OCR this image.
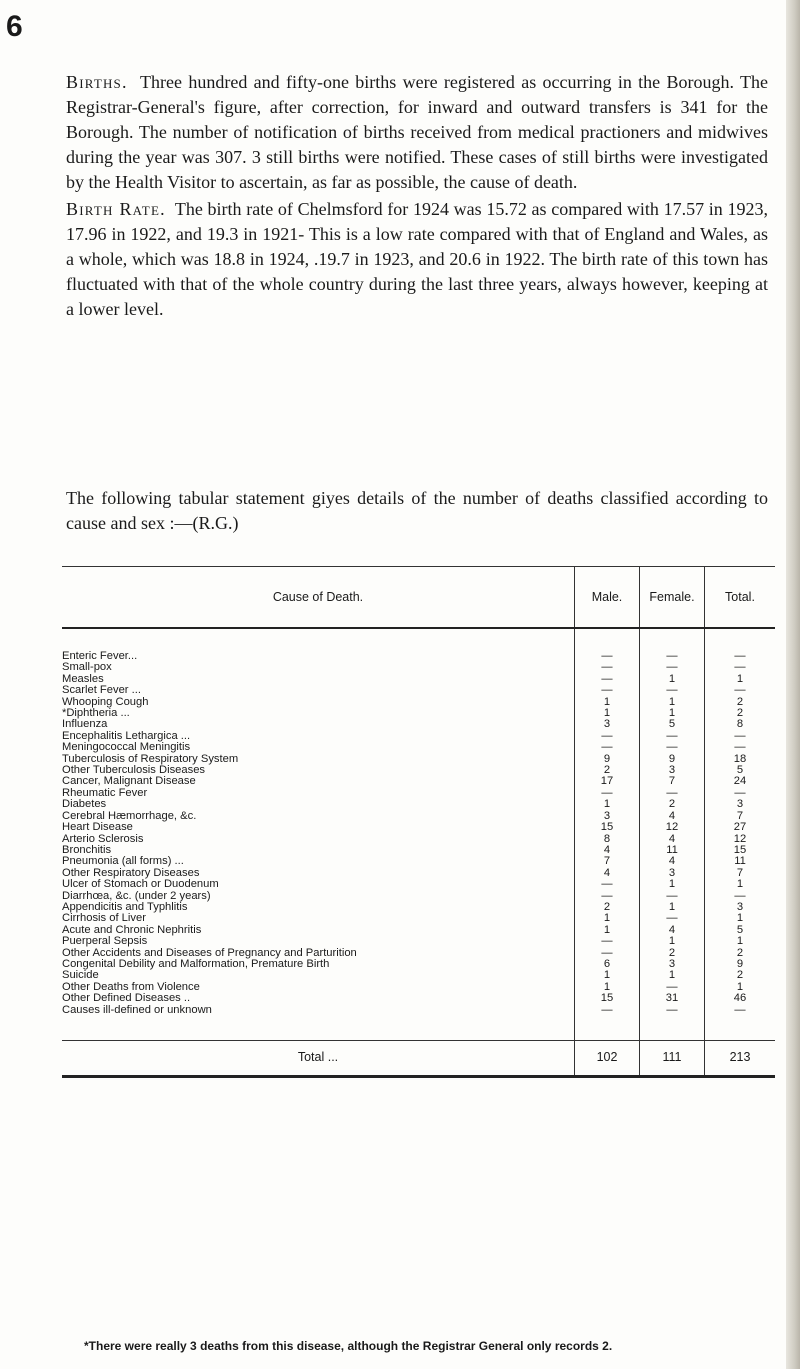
6

Births. Three hundred and fifty-one births were registered as occurring in the Borough. The Registrar-General's figure, after correction, for inward and outward transfers is 341 for the Borough. The number of notification of births received from medical practioners and midwives during the year was 307. 3 still births were notified. These cases of still births were investigated by the Health Visitor to ascertain, as far as possible, the cause of death.

Birth Rate. The birth rate of Chelmsford for 1924 was 15.72 as compared with 17.57 in 1923, 17.96 in 1922, and 19.3 in 1921- This is a low rate compared with that of England and Wales, as a whole, which was 18.8 in 1924, .19.7 in 1923, and 20.6 in 1922. The birth rate of this town has fluctuated with that of the whole country during the last three years, always however, keeping at a lower level.

The following tabular statement giyes details of the number of deaths classified according to cause and sex :—(R.G.)

Cause of Death.	Male.	Female.	Total.

Enteric Fever...	—	—	—
Small-pox	—	—	—
Measles	—	1	1
Scarlet Fever ...	—	—	—
Whooping Cough	1	1	2
*Diphtheria ...	1	1	2
Influenza	3	5	8
Encephalitis Lethargica ...	—	—	—
Meningococcal Meningitis	—	—	—
Tuberculosis of Respiratory System	9	9	18
Other Tuberculosis Diseases	2	3	5
Cancer, Malignant Disease	17	7	24
Rheumatic Fever	—	—	—
Diabetes	1	2	3
Cerebral Hæmorrhage, &c.	3	4	7
Heart Disease	15	12	27
Arterio Sclerosis	8	4	12
Bronchitis	4	11	15
Pneumonia (all forms) ...	7	4	11
Other Respiratory Diseases	4	3	7
Ulcer of Stomach or Duodenum	—	1	1
Diarrhœa, &c. (under 2 years)	—	—	—
Appendicitis and Typhlitis	2	1	3
Cirrhosis of Liver	1	—	1
Acute and Chronic Nephritis	1	4	5
Puerperal Sepsis	—	1	1
Other Accidents and Diseases of Pregnancy and Parturition	—	2	2
Congenital Debility and Malformation, Premature Birth	6	3	9
Suicide	1	1	2
Other Deaths from Violence	1	—	1
Other Defined Diseases ..	15	31	46
Causes ill-defined or unknown	—	—	—

Total ...	102	111	213
*There were really 3 deaths from this disease, although the Registrar General only records 2.
